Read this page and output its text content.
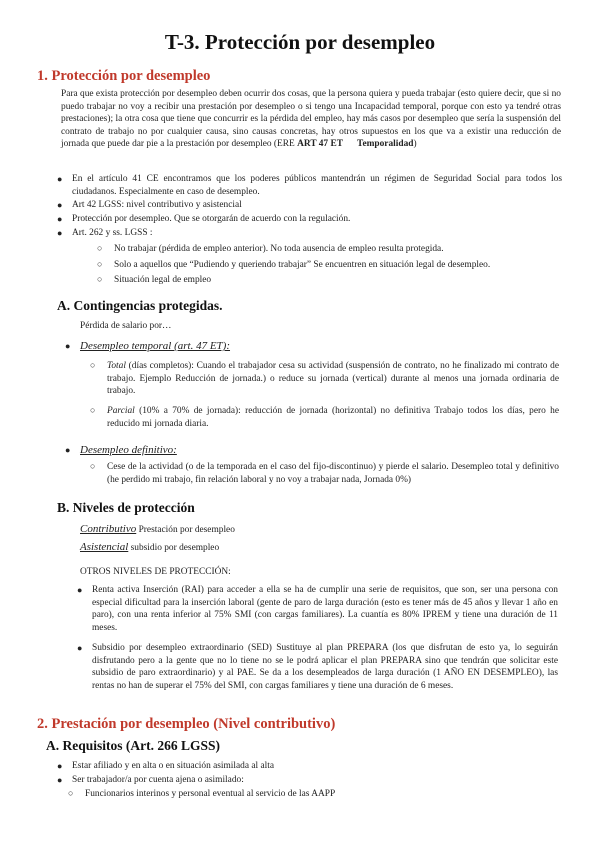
T-3. Protección por desempleo
1. Protección por desempleo
Para que exista protección por desempleo deben ocurrir dos cosas, que la persona quiera y pueda trabajar (esto quiere decir, que si no puedo trabajar no voy a recibir una prestación por desempleo o si tengo una Incapacidad temporal, porque con esto ya tendré otras prestaciones); la otra cosa que tiene que concurrir es la pérdida del empleo, hay más casos por desempleo que sería la suspensión del contrato de trabajo no por cualquier causa, sino causas concretas, hay otros supuestos en los que va a existir una reducción de jornada que puede dar pie a la prestación por desempleo (ERE ART 47 ET Temporalidad)
● En el artículo 41 CE encontramos que los poderes públicos mantendrán un régimen de Seguridad Social para todos los ciudadanos. Especialmente en caso de desempleo.
● Art 42 LGSS: nivel contributivo y asistencial
● Protección por desempleo. Que se otorgarán de acuerdo con la regulación.
● Art. 262 y ss. LGSS :
○ No trabajar (pérdida de empleo anterior). No toda ausencia de empleo resulta protegida.
○ Solo a aquellos que “Pudiendo y queriendo trabajar” Se encuentren en situación legal de desempleo.
○ Situación legal de empleo
A. Contingencias protegidas.
Pérdida de salario por…
● Desempleo temporal (art. 47 ET):
○ Total (días completos): Cuando el trabajador cesa su actividad (suspensión de contrato, no he finalizado mi contrato de trabajo. Ejemplo Reducción de jornada.) o reduce su jornada (vertical) durante al menos una jornada ordinaria de trabajo.
○ Parcial (10% a 70% de jornada): reducción de jornada (horizontal) no definitiva Trabajo todos los días, pero he reducido mi jornada diaria.
● Desempleo definitivo:
○ Cese de la actividad (o de la temporada en el caso del fijo-discontinuo) y pierde el salario. Desempleo total y definitivo (he perdido mi trabajo, fin relación laboral y no voy a trabajar nada, Jornada 0%)
B. Niveles de protección
Contributivo Prestación por desempleo
Asistencial subsidio por desempleo
OTROS NIVELES DE PROTECCIÓN:
● Renta activa Inserción (RAI) para acceder a ella se ha de cumplir una serie de requisitos, que son, ser una persona con especial dificultad para la inserción laboral (gente de paro de larga duración (esto es tener más de 45 años y llevar 1 año en paro), con una renta inferior al 75% SMI (con cargas familiares). La cuantía es 80% IPREM y tiene una duración de 11 meses.
● Subsidio por desempleo extraordinario (SED) Sustituye al plan PREPARA (los que disfrutan de esto ya, lo seguirán disfrutando pero a la gente que no lo tiene no se le podrá aplicar el plan PREPARA sino que tendrán que solicitar este subsidio de paro extraordinario) y al PAE. Se da a los desempleados de larga duración (1 AÑO EN DESEMPLEO), las rentas no han de superar el 75% del SMI, con cargas familiares y tiene una duración de 6 meses.
2. Prestación por desempleo (Nivel contributivo)
A. Requisitos (Art. 266 LGSS)
● Estar afiliado y en alta o en situación asimilada al alta
● Ser trabajador/a por cuenta ajena o asimilado:
○ Funcionarios interinos y personal eventual al servicio de las AAPP
